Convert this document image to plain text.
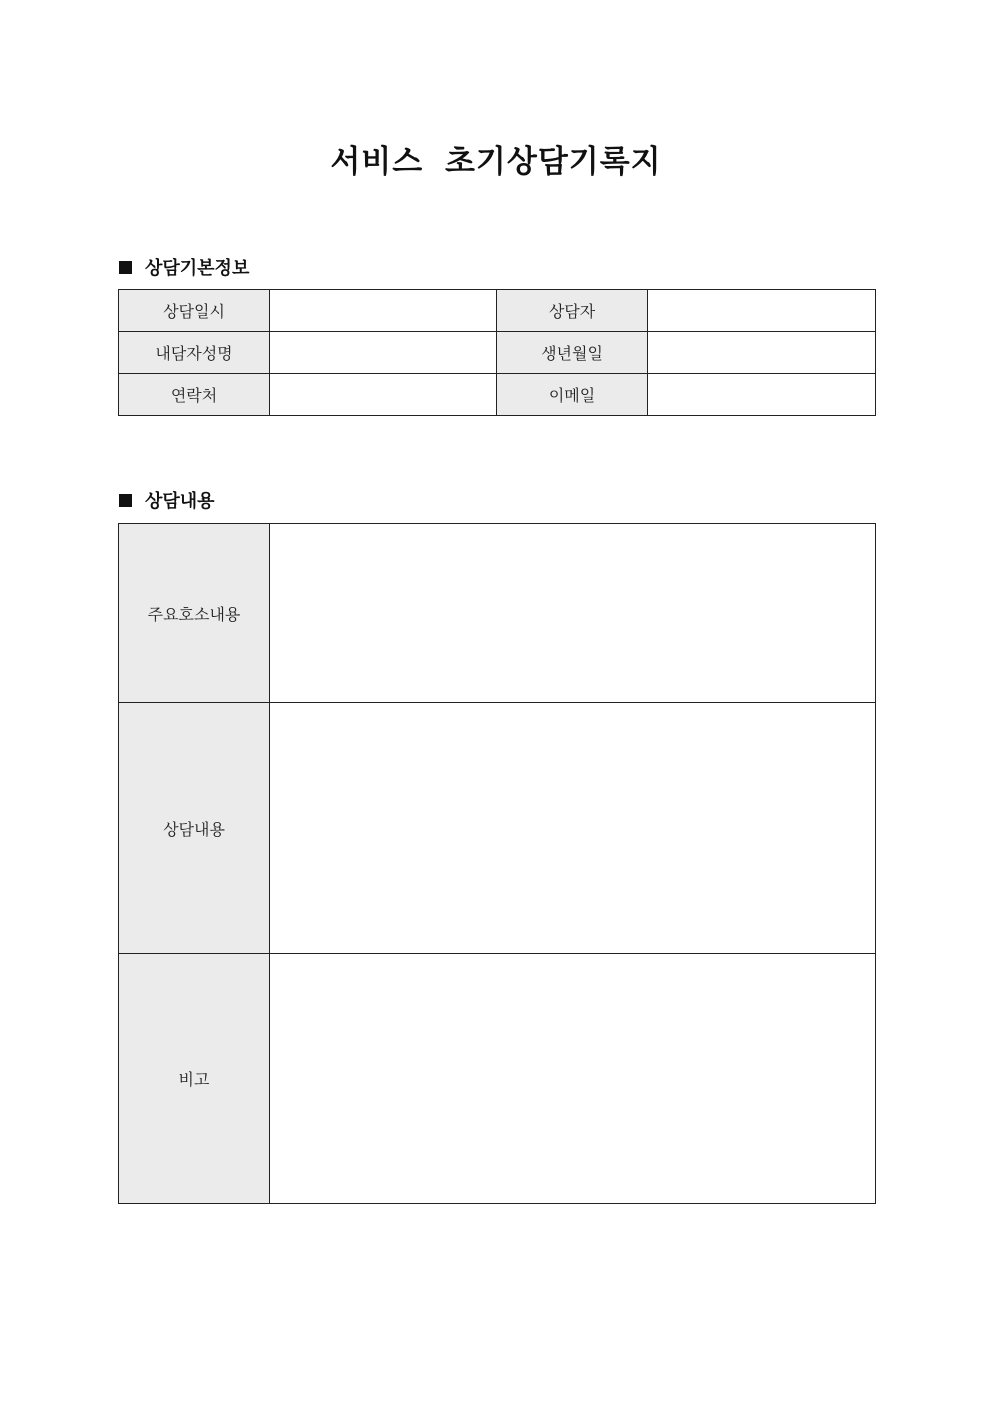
서비스 초기상담기록지
상담기본정보
상담일시		상담자	
내담자성명		생년월일	
연락처		이메일	
상담내용
주요호소내용	
상담내용	
비고	
